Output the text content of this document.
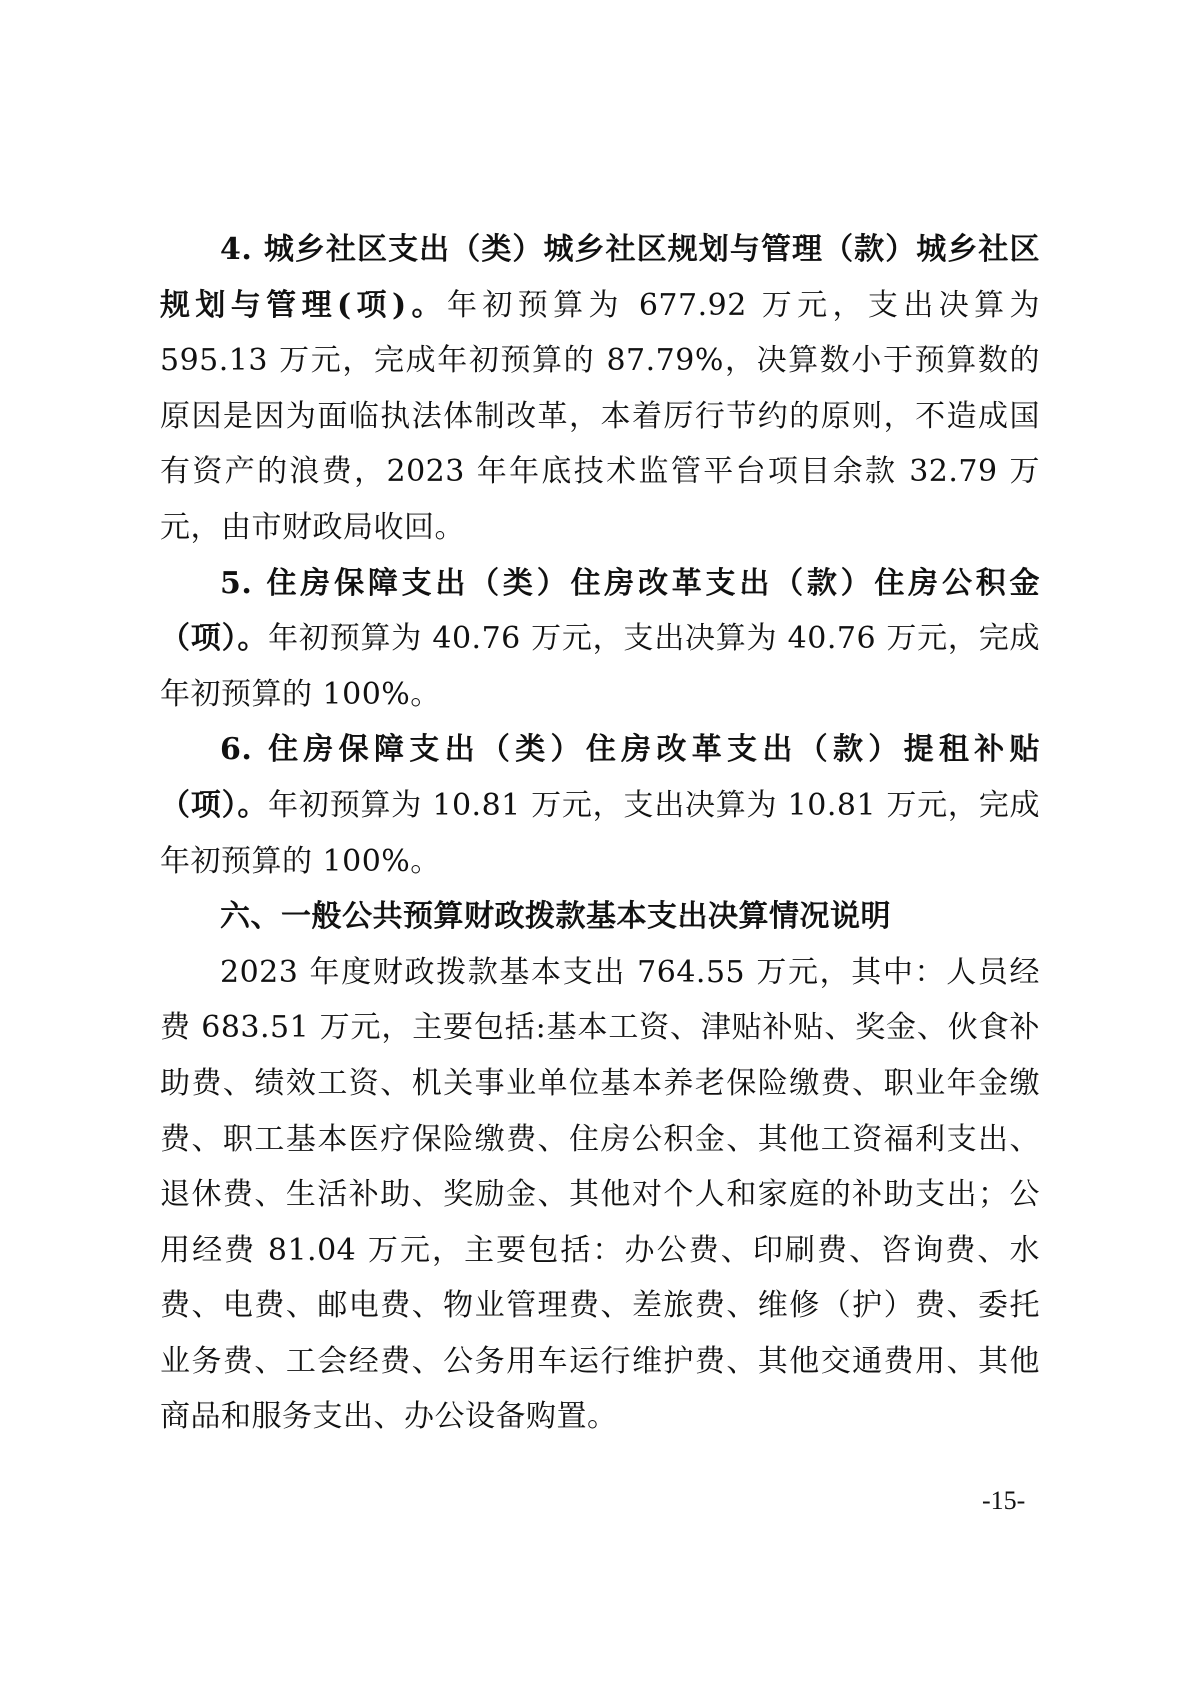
4. 城乡社区支出（类）城乡社区规划与管理（款）城乡社区规划与管理(项)。年初预算为 677.92 万元，支出决算为 595.13 万元，完成年初预算的 87.79%，决算数小于预算数的原因是因为面临执法体制改革，本着厉行节约的原则，不造成国有资产的浪费，2023 年年底技术监管平台项目余款 32.79 万元，由市财政局收回。

5. 住房保障支出（类）住房改革支出（款）住房公积金（项）。年初预算为 40.76 万元，支出决算为 40.76 万元，完成年初预算的 100%。

6. 住房保障支出（类）住房改革支出（款）提租补贴（项）。年初预算为 10.81 万元，支出决算为 10.81 万元，完成年初预算的 100%。

六、一般公共预算财政拨款基本支出决算情况说明

2023 年度财政拨款基本支出 764.55 万元，其中：人员经费 683.51 万元，主要包括:基本工资、津贴补贴、奖金、伙食补助费、绩效工资、机关事业单位基本养老保险缴费、职业年金缴费、职工基本医疗保险缴费、住房公积金、其他工资福利支出、退休费、生活补助、奖励金、其他对个人和家庭的补助支出；公用经费 81.04 万元，主要包括：办公费、印刷费、咨询费、水费、电费、邮电费、物业管理费、差旅费、维修（护）费、委托业务费、工会经费、公务用车运行维护费、其他交通费用、其他商品和服务支出、办公设备购置。

-15-
